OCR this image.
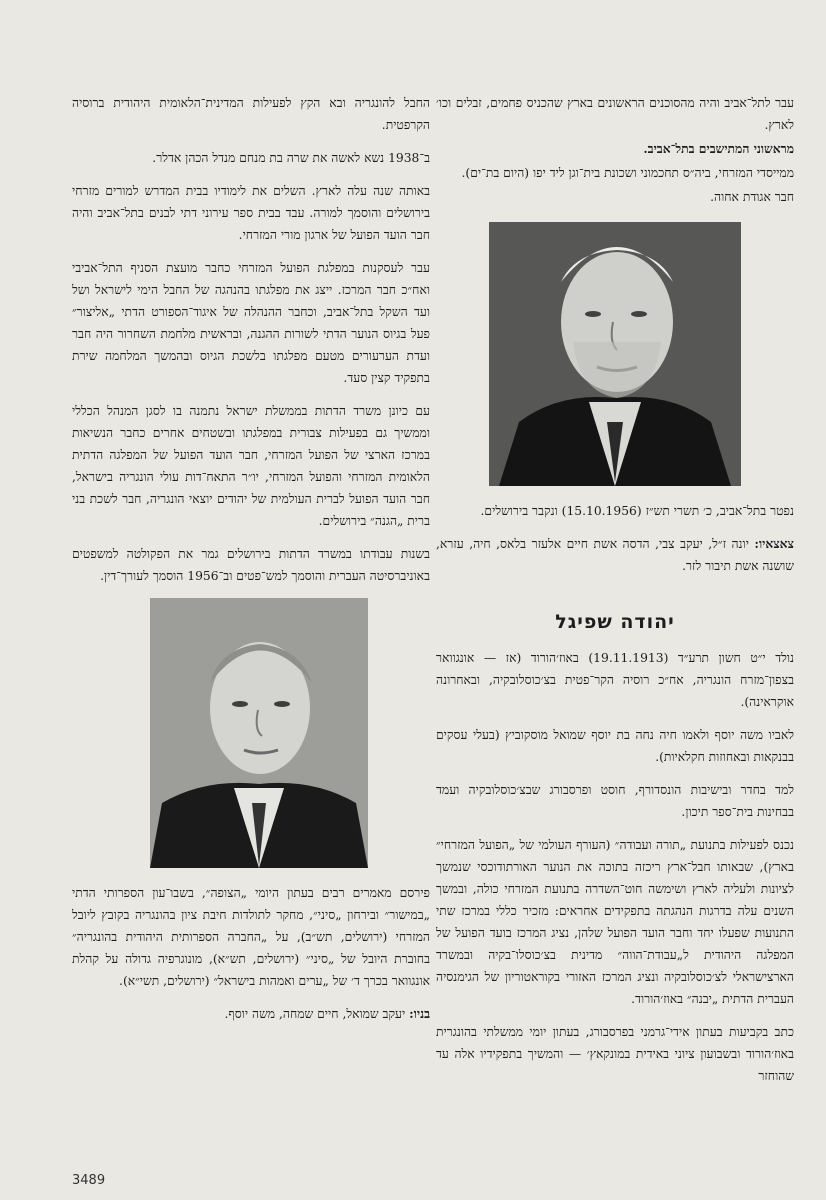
עבר לתל־אביב והיה מהסוכנים הראשונים בארץ שהכניס פחמים, זבלים וכו׳ לארץ.

מראשוני המתישבים בתל־אביב.

ממייסדי המזרחי, ביה״ס תחכמוני ושכונת בית־וגן ליד יפו (היום בת־ים).

חבר אגודת אחוה.

נפטר בתל־אביב, כ׳ תשרי תש״ז (15.10.1956) ונקבר בירושלים.

צאצאיו: יונה ז״ל, יעקב צבי, הדסה אשת חיים אלעזר בלאס, חיה, עזרא, שושנה אשת תיבור לזר.

יהודה שפיגל

נולד י״ט חשון תרע״ד (19.11.1913) באוז׳הורוד (אז — אונגוואר בצפון־מזרח הונגריה, אח״כ רוסיה הקר־פטית בצ׳כוסלובקיה, ובאחרונה אוקראינה).

לאביו משה יוסף ולאמו חיה נחה בת יוסף שמואל מוסקוביץ (בעלי עסקים בבנקאות ובאחוזות חקלאיות).

למד בחדר ובישיבות הונסדורף, חוסט ופרסבורג שבצ׳כוסלובקיה ועמד בבחינות בית־ספר תיכון.

נכנס לפעילות בתנועת „תורה ועבודה״ (העורף העולמי של „הפועל המזרחי״ בארץ), שבאותו חבל־ארץ ריכזה בתוכה את הנוער האורתודוכסי שנמשך לציונות ולעליה לארץ ושימשה חוט־השדרה בתנועת המזרחי כולה, ובמשך השנים עלה בדרגות הנהגתה בתפקידים אחראים: מזכיר כללי במרכז שתי התנועות שפעלו יחד וחבר הועד הפועל שלהן, נציג המרכז בועד הפועל של המפלגה היהודית ל„עבודת־הווה״ מדינית בצ׳כוסלו־בקיה ובמשרד הארצישראלי לצ׳כוסלובקיה ונציג המרכז האזורי בקוראטוריון של הגימנסיה העברית הדתית „יבנה״ באוז׳הורוד.

כתב בקביעות בעתון אידי־גרמני בפרסבורג, בעתון יומי ממשלתי בהונגרית באוז׳הורוד ובשבועון ציוני באידית במונקאץ׳ — והמשיך בתפקידיו אלה עד שהוחזר

החבל להונגריה ובא הקץ לפעילות המדינית־הלאומית היהודית ברוסיה הקרפטית.

ב־1938 נשא לאשה את שרה בת מנחם מנדל הכהן אדלר.

באותה שנה עלה לארץ. השלים את לימודיו בבית המדרש למורים מזרחי בירושלים והוסמך למורה. עבד בבית ספר עירוני דתי לבנים בתל־אביב והיה חבר הועד הפועל של ארגון מורי המזרחי.

עבר לעסקנות במפלגת הפועל המזרחי כחבר מועצת הסניף התל־אביבי ואח״כ חבר המרכז. ייצג את מפלגתו בהנהגה של החבל הימי לישראל ושל ועד השקל בתל־אביב, וכחבר ההנהלה של איגוד־הספורט הדתי „אליצור״ פעל בגיוס הנוער הדתי לשורות ההגנה, ובראשית מלחמת השחרור היה חבר ועדת הערעורים מטעם מפלגתו בלשכת הגיוס ובהמשך המלחמה שירת בתפקיד קצין סעד.

עם כיונן משרד הדתות בממשלת ישראל נתמנה בו לסגן המנהל הכללי וממשיך גם בפעילות צבורית במפלגתו ובשטחים אחרים כחבר הנשיאות במרכז הארצי של הפועל המזרחי, חבר הועד הפועל של המפלגה הדתית הלאומית המזרחי והפועל המזרחי, יו״ר התאח־דות עולי הונגריה בישראל, חבר הועד הפועל לברית העולמית של יהודים יוצאי הונגריה, חבר לשכת בני ברית „הגנה״ בירושלים.

בשנות עבודתו במשרד הדתות בירושלים גמר את הפקולטה למשפטים באוניברסיטה העברית והוסמך למש־פטים וב־1956 הוסמך לעורך־דין.

פירסם מאמרים רבים בעתון היומי „הצופה״, בשבו־עון הספרותי הדתי „במישור״ ובירחון „סיני״, מחקר לתולדות חיבת ציון בהונגריה בקובץ ליובל המזרחי (ירושלים, תש״ב), על „החברה הספרותית היהודית בהונגריה״ בחוברת היובל של „סיני״ (ירושלים, תש״א), מונוגרפיה גדולה על קהלת אונגוואר בכרך ד׳ של „ערים ואמהות בישראל״ (ירושלים, תשי״א).

בניו: יעקב שמואל, חיים שמחה, משה יוסף.

3489
